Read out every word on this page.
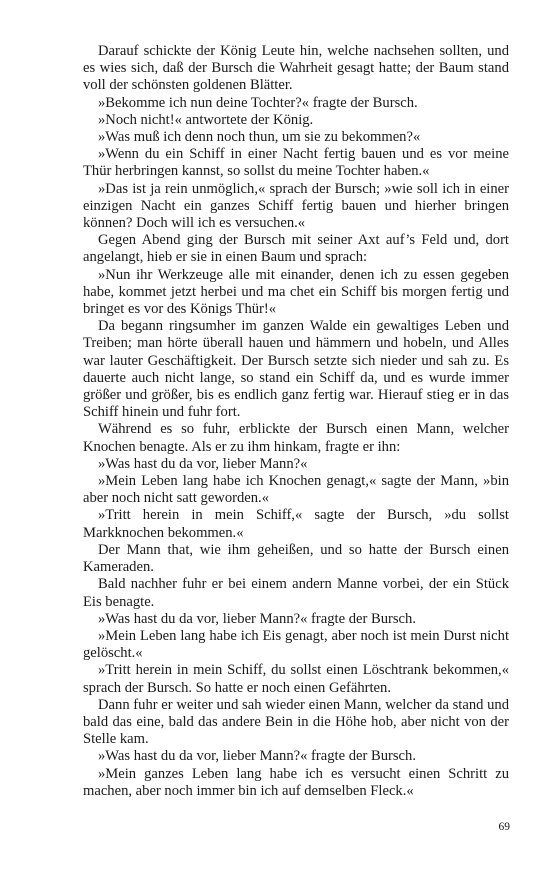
Darauf schickte der König Leute hin, welche nachsehen sollten, und es wies sich, daß der Bursch die Wahrheit gesagt hatte; der Baum stand voll der schönsten goldenen Blätter.

»Bekomme ich nun deine Tochter?« fragte der Bursch.

»Noch nicht!« antwortete der König.

»Was muß ich denn noch thun, um sie zu bekommen?«

»Wenn du ein Schiff in einer Nacht fertig bauen und es vor meine Thür herbringen kannst, so sollst du meine Tochter haben.«

»Das ist ja rein unmöglich,« sprach der Bursch; »wie soll ich in einer einzigen Nacht ein ganzes Schiff fertig bauen und hierher bringen können? Doch will ich es versuchen.«

Gegen Abend ging der Bursch mit seiner Axt auf’s Feld und, dort angelangt, hieb er sie in einen Baum und sprach:

»Nun ihr Werkzeuge alle mit einander, denen ich zu essen gegeben habe, kommet jetzt herbei und ma chet ein Schiff bis morgen fertig und bringet es vor des Königs Thür!«

Da begann ringsumher im ganzen Walde ein gewaltiges Leben und Treiben; man hörte überall hauen und hämmern und hobeln, und Alles war lauter Geschäftigkeit. Der Bursch setzte sich nieder und sah zu. Es dauerte auch nicht lange, so stand ein Schiff da, und es wurde immer größer und größer, bis es endlich ganz fertig war. Hierauf stieg er in das Schiff hinein und fuhr fort.

Während es so fuhr, erblickte der Bursch einen Mann, welcher Knochen benagte. Als er zu ihm hinkam, fragte er ihn:

»Was hast du da vor, lieber Mann?«

»Mein Leben lang habe ich Knochen genagt,« sagte der Mann, »bin aber noch nicht satt geworden.«

»Tritt herein in mein Schiff,« sagte der Bursch, »du sollst Markknochen bekommen.«

Der Mann that, wie ihm geheißen, und so hatte der Bursch einen Kameraden.

Bald nachher fuhr er bei einem andern Manne vorbei, der ein Stück Eis benagte.

»Was hast du da vor, lieber Mann?« fragte der Bursch.

»Mein Leben lang habe ich Eis genagt, aber noch ist mein Durst nicht gelöscht.«

»Tritt herein in mein Schiff, du sollst einen Löschtrank bekommen,« sprach der Bursch. So hatte er noch einen Gefährten.

Dann fuhr er weiter und sah wieder einen Mann, welcher da stand und bald das eine, bald das andere Bein in die Höhe hob, aber nicht von der Stelle kam.

»Was hast du da vor, lieber Mann?« fragte der Bursch.

»Mein ganzes Leben lang habe ich es versucht einen Schritt zu machen, aber noch immer bin ich auf demselben Fleck.«

69
